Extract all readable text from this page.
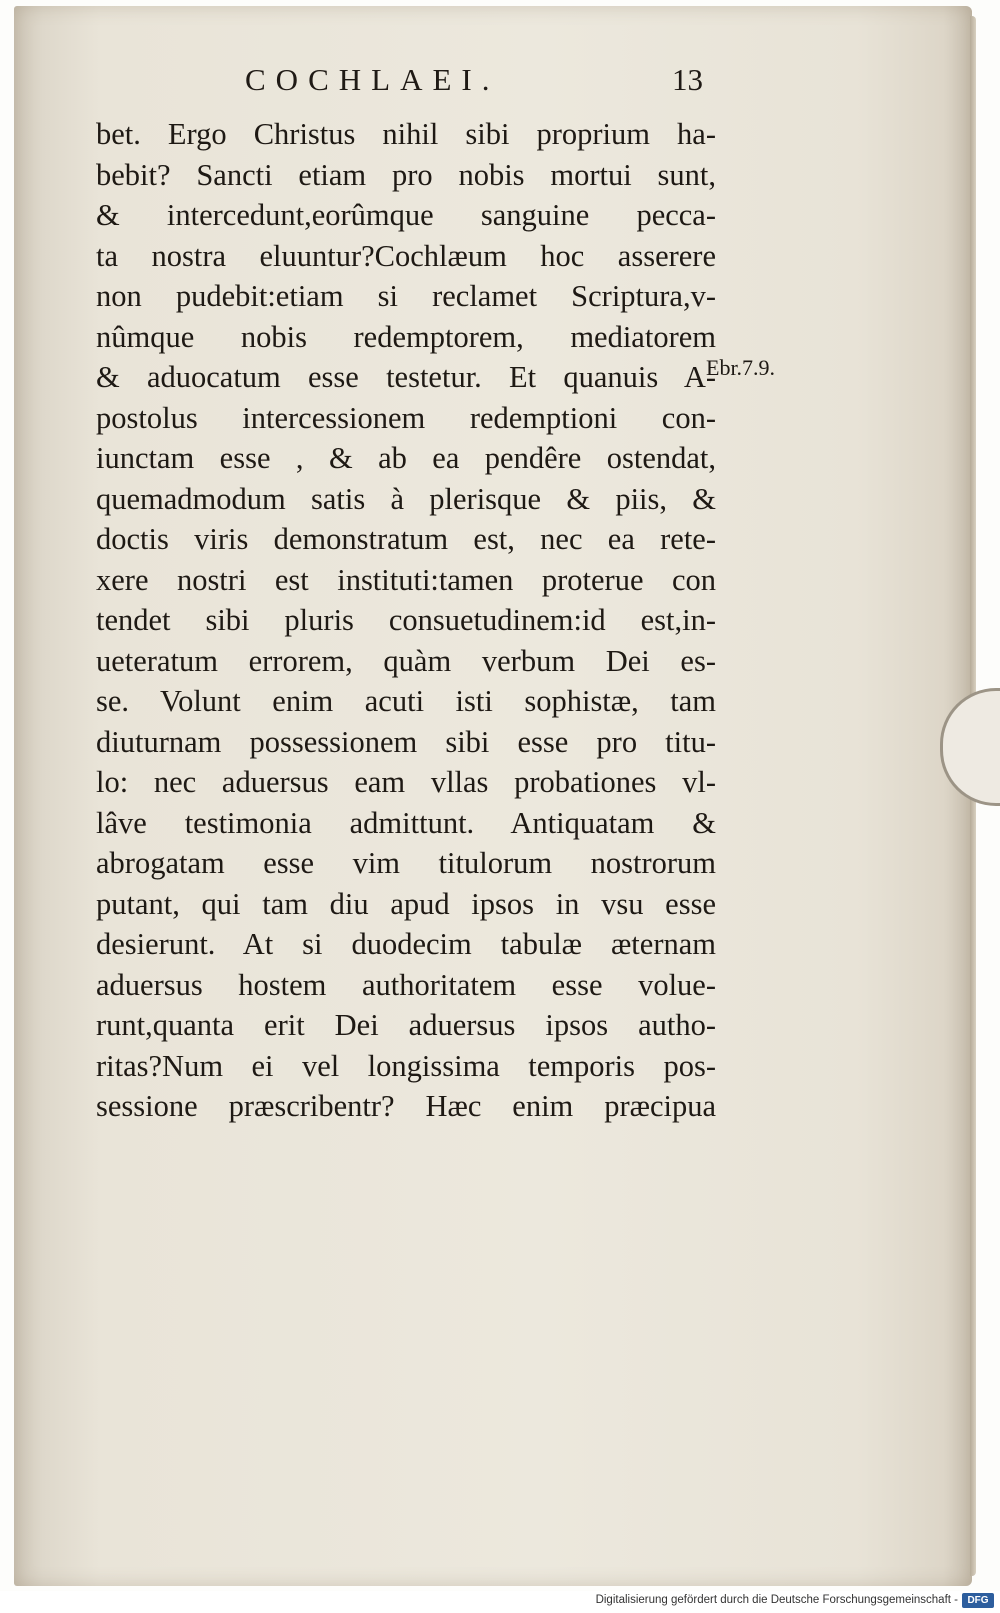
COCHLAEI.	13
bet. Ergo Christus nihil sibi proprium ha-
bebit? Sancti etiam pro nobis mortui sunt,
& intercedunt,eorûmque sanguine pecca-
ta nostra eluuntur?Cochlæum hoc asserere
non pudebit:etiam si reclamet Scriptura,v-
nûmque nobis redemptorem, mediatorem
& aduocatum esse testetur. Et quanuis A-
postolus intercessionem redemptioni con-
iunctam esse , & ab ea pendêre ostendat,
quemadmodum satis à plerisque & piis, &
doctis viris demonstratum est, nec ea rete-
xere nostri est instituti:tamen proterue con
tendet sibi pluris consuetudinem:id est,in-
ueteratum errorem, quàm verbum Dei es-
se. Volunt enim acuti isti sophistæ, tam
diuturnam possessionem sibi esse pro titu-
lo: nec aduersus eam vllas probationes vl-
lâve testimonia admittunt. Antiquatam &
abrogatam esse vim titulorum nostrorum
putant, qui tam diu apud ipsos in vsu esse
desierunt. At si duodecim tabulæ æternam
aduersus hostem authoritatem esse volue-
runt,quanta erit Dei aduersus ipsos autho-
ritas?Num ei vel longissima temporis pos-
sessione præscribentr? Hæc enim præcipua
Ebr.7.9.
Digitalisierung gefördert durch die Deutsche Forschungsgemeinschaft - DFG
